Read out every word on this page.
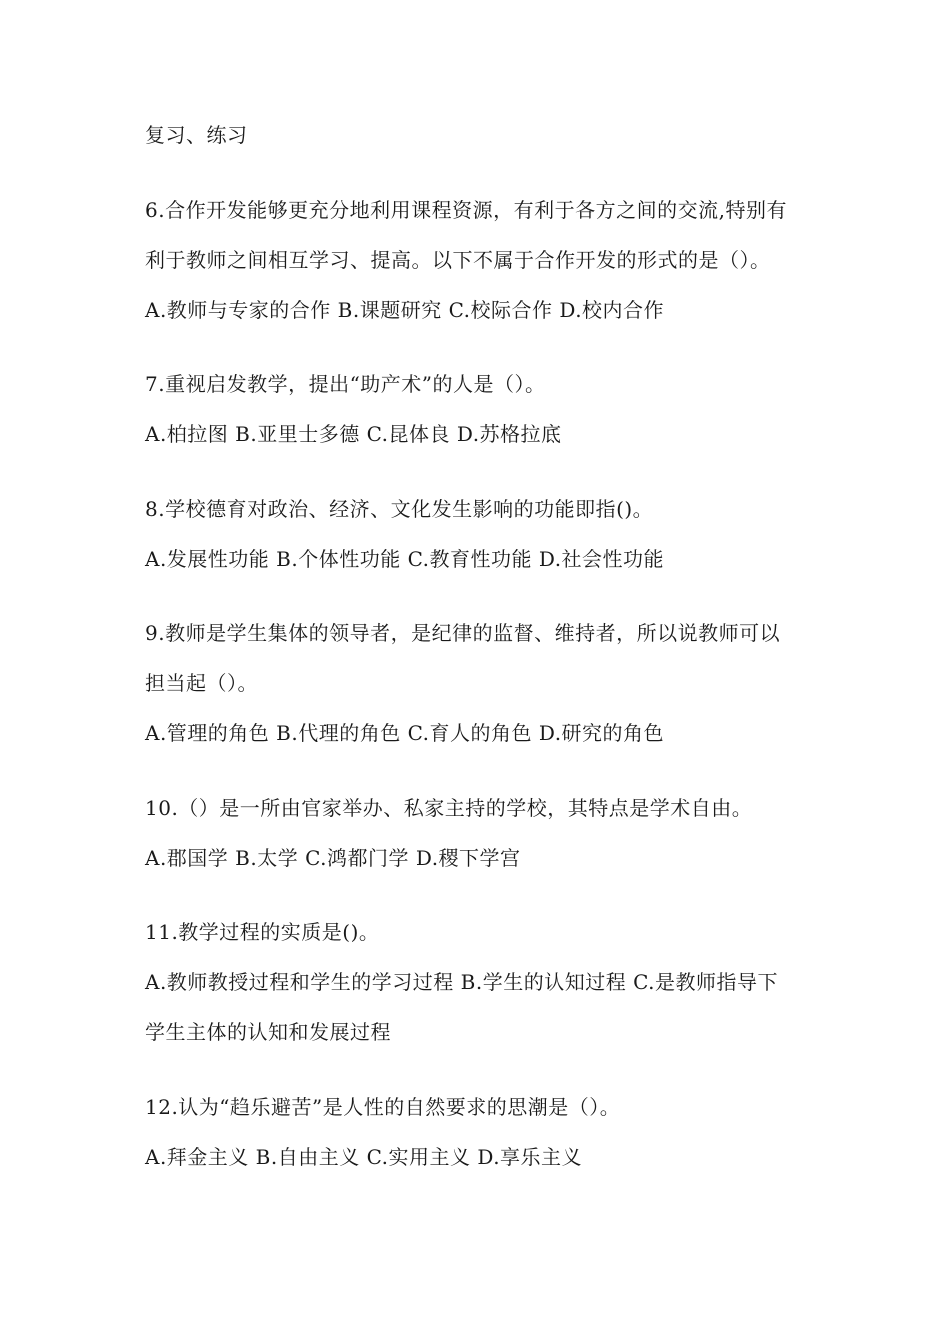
复习、练习
6.合作开发能够更充分地利用课程资源，有利于各方之间的交流,特别有
利于教师之间相互学习、提高。以下不属于合作开发的形式的是（）。
A.教师与专家的合作 B.课题研究 C.校际合作 D.校内合作
7.重视启发教学，提出“助产术”的人是（）。
A.柏拉图 B.亚里士多德 C.昆体良 D.苏格拉底
8.学校德育对政治、经济、文化发生影响的功能即指()。
A.发展性功能 B.个体性功能 C.教育性功能 D.社会性功能
9.教师是学生集体的领导者，是纪律的监督、维持者，所以说教师可以
担当起（）。
A.管理的角色 B.代理的角色 C.育人的角色 D.研究的角色
10.（）是一所由官家举办、私家主持的学校，其特点是学术自由。
A.郡国学 B.太学 C.鸿都门学 D.稷下学宫
11.教学过程的实质是()。
A.教师教授过程和学生的学习过程 B.学生的认知过程 C.是教师指导下
学生主体的认知和发展过程
12.认为“趋乐避苦”是人性的自然要求的思潮是（）。
A.拜金主义 B.自由主义 C.实用主义 D.享乐主义
